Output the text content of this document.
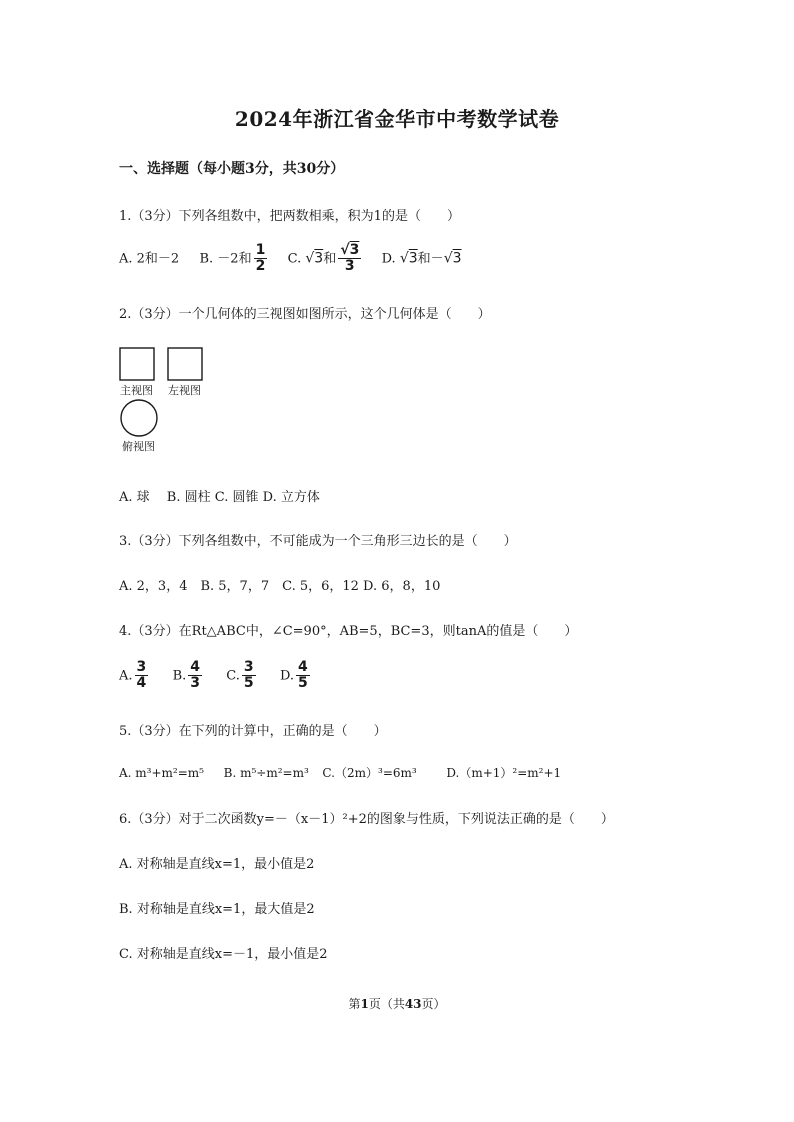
2024年浙江省金华市中考数学试卷
一、选择题（每小题3分，共30分）
1.（3分）下列各组数中，把两数相乘，积为1的是（　　）
A. 2和－2 B. －2和 $\frac{1}{2} C$. √3和 $\frac{√3}{3} D$. √3和－√3
2.（3分）一个几何体的三视图如图所示，这个几何体是（　　）
主视图 左视图
俯视图
A. 球　 B. 圆柱 C. 圆锥 D. 立方体
3.（3分）下列各组数中，不可能成为一个三角形三边长的是（　　）
A. 2，3，4　B. 5，7，7　C. 5，6，12 D. 6，8，10
4.（3分）在Rt△ABC中，∠C=90°，AB=5，BC=3，则tanA的值是（　　）
A. $\frac{3}{4} B$. $\frac{4}{3} C$. $\frac{3}{5} D$. $\frac{4}{5}$
5.（3分）在下列的计算中，正确的是（　　）
A. m³+m²=m⁵ B. m⁵÷m²=m³ C.（2m）³=6m³ D.（m+1）²=m²+1
6.（3分）对于二次函数y=－（x－1）²+2的图象与性质，下列说法正确的是（　　）
A. 对称轴是直线x=1，最小值是2
B. 对称轴是直线x=1，最大值是2
C. 对称轴是直线x=－1，最小值是2
第1页（共43页）
